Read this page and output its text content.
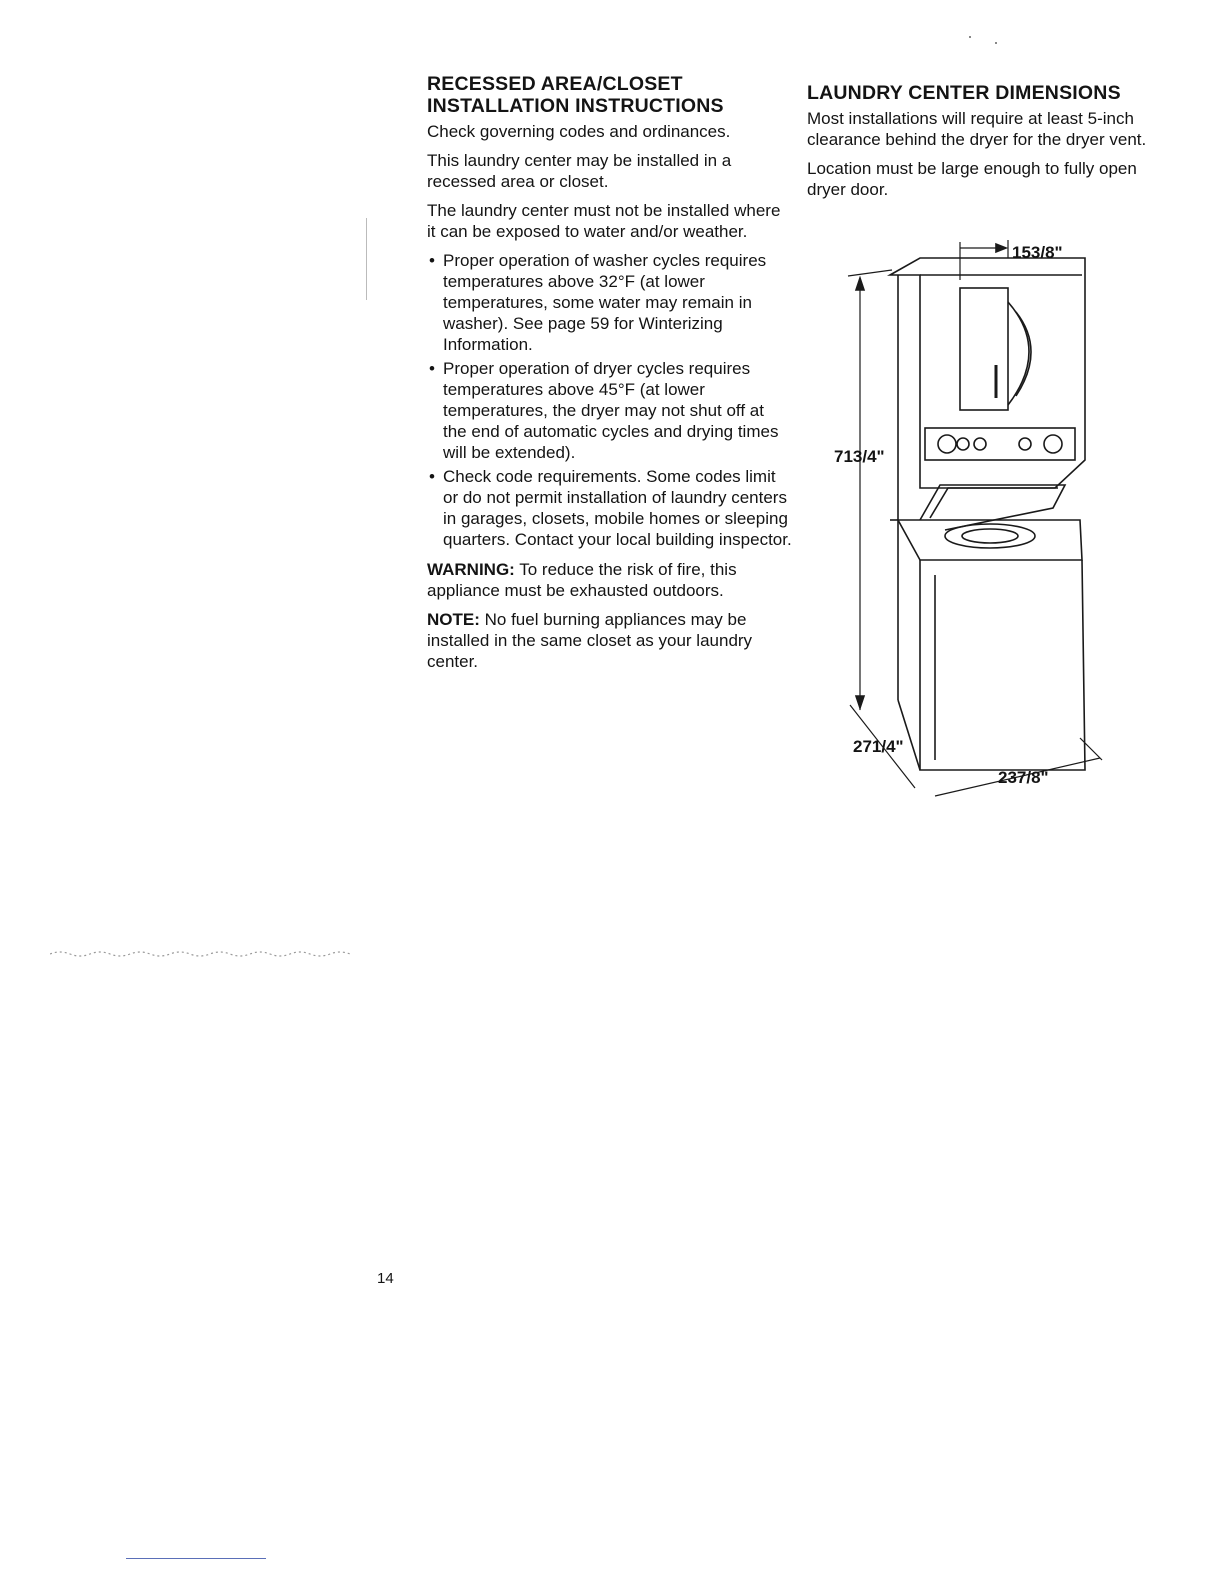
RECESSED AREA/CLOSET
INSTALLATION INSTRUCTIONS

Check governing codes and ordinances.

This laundry center may be installed in a recessed area or closet.

The laundry center must not be installed where it can be exposed to water and/or weather.

• Proper operation of washer cycles requires temperatures above 32°F (at lower temperatures, some water may remain in washer). See page 59 for Winterizing Information.
• Proper operation of dryer cycles requires temperatures above 45°F (at lower temperatures, the dryer may not shut off at the end of automatic cycles and drying times will be extended).
• Check code requirements. Some codes limit or do not permit installation of laundry centers in garages, closets, mobile homes or sleeping quarters. Contact your local building inspector.

WARNING: To reduce the risk of fire, this appliance must be exhausted outdoors.

NOTE: No fuel burning appliances may be installed in the same closet as your laundry center.

LAUNDRY CENTER DIMENSIONS

Most installations will require at least 5-inch clearance behind the dryer for the dryer vent.

Location must be large enough to fully open dryer door.

153/8"
713/4"
271/4"
237/8"
14
